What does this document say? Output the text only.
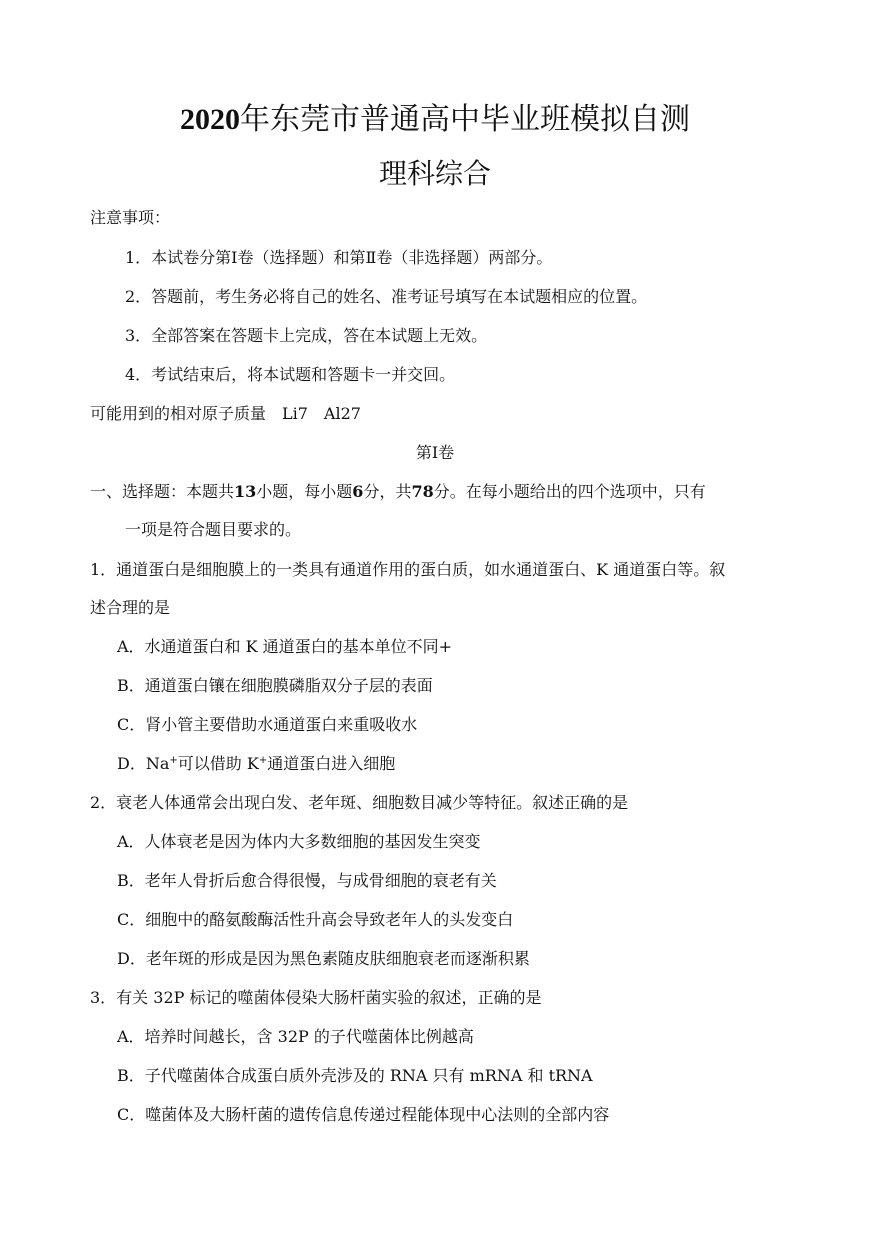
2020年东莞市普通高中毕业班模拟自测
理科综合
注意事项：
1．本试卷分第Ⅰ卷（选择题）和第Ⅱ卷（非选择题）两部分。
2．答题前，考生务必将自己的姓名、准考证号填写在本试题相应的位置。
3．全部答案在答题卡上完成，答在本试题上无效。
4．考试结束后，将本试题和答题卡一并交回。
可能用到的相对原子质量　Li7　Al27
第Ⅰ卷
一、选择题：本题共13小题，每小题6分，共78分。在每小题给出的四个选项中，只有
一项是符合题目要求的。
1．通道蛋白是细胞膜上的一类具有通道作用的蛋白质，如水通道蛋白、K 通道蛋白等。叙
述合理的是
A．水通道蛋白和 K 通道蛋白的基本单位不同+
B．通道蛋白镶在细胞膜磷脂双分子层的表面
C．肾小管主要借助水通道蛋白来重吸收水
D．Na+可以借助 K+通道蛋白进入细胞
2．衰老人体通常会出现白发、老年斑、细胞数目减少等特征。叙述正确的是
A．人体衰老是因为体内大多数细胞的基因发生突变
B．老年人骨折后愈合得很慢，与成骨细胞的衰老有关
C．细胞中的酪氨酸酶活性升高会导致老年人的头发变白
D．老年斑的形成是因为黑色素随皮肤细胞衰老而逐渐积累
3．有关 32P 标记的噬菌体侵染大肠杆菌实验的叙述，正确的是
A．培养时间越长，含 32P 的子代噬菌体比例越高
B．子代噬菌体合成蛋白质外壳涉及的 RNA 只有 mRNA 和 tRNA
C．噬菌体及大肠杆菌的遗传信息传递过程能体现中心法则的全部内容
